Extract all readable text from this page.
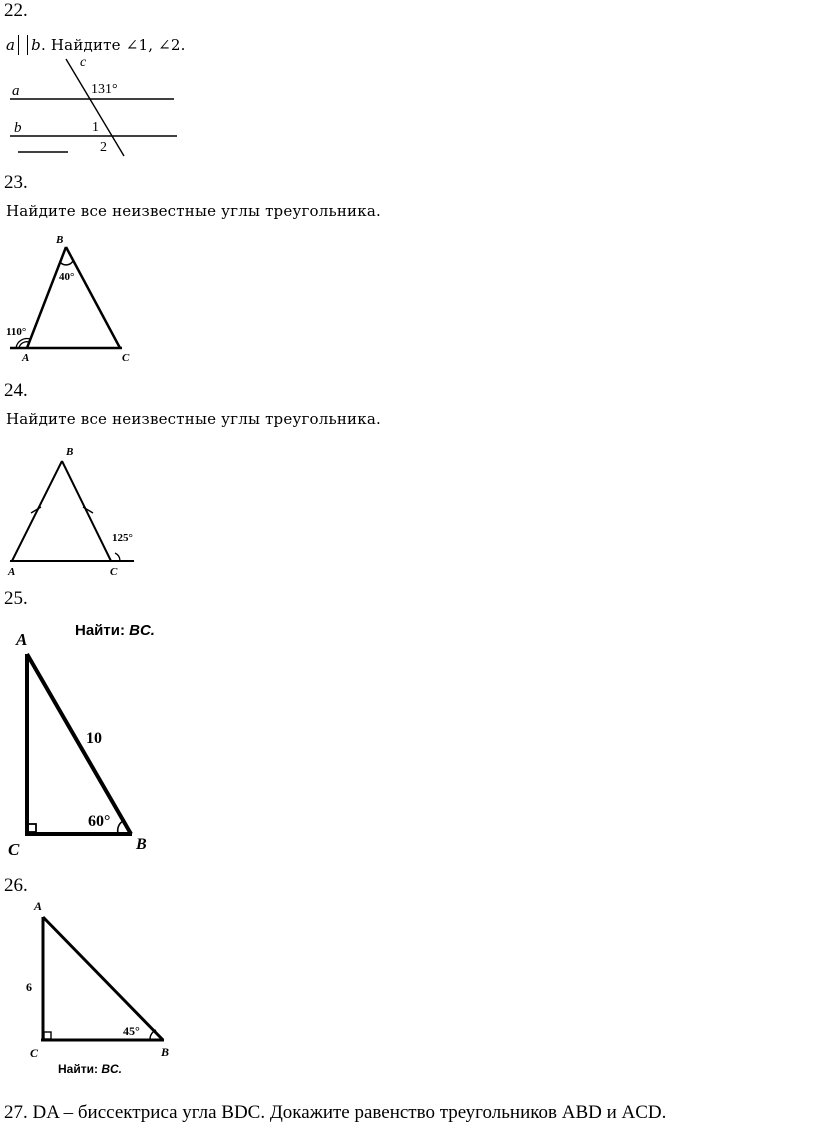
22.
a b. Найдите ∠1, ∠2.
c
a
b
131°
1
2
23.
Найдите все неизвестные углы треугольника.
B
A	C
40°
110°
24.
Найдите все неизвестные углы треугольника.
B
A	C
125°
25.
Найти: BC.
A
C	B
10
60°
26.
A
C	B
6
45°
Найти: BC.
27. DA – биссектриса угла BDC. Докажите равенство треугольников ABD и ACD.
